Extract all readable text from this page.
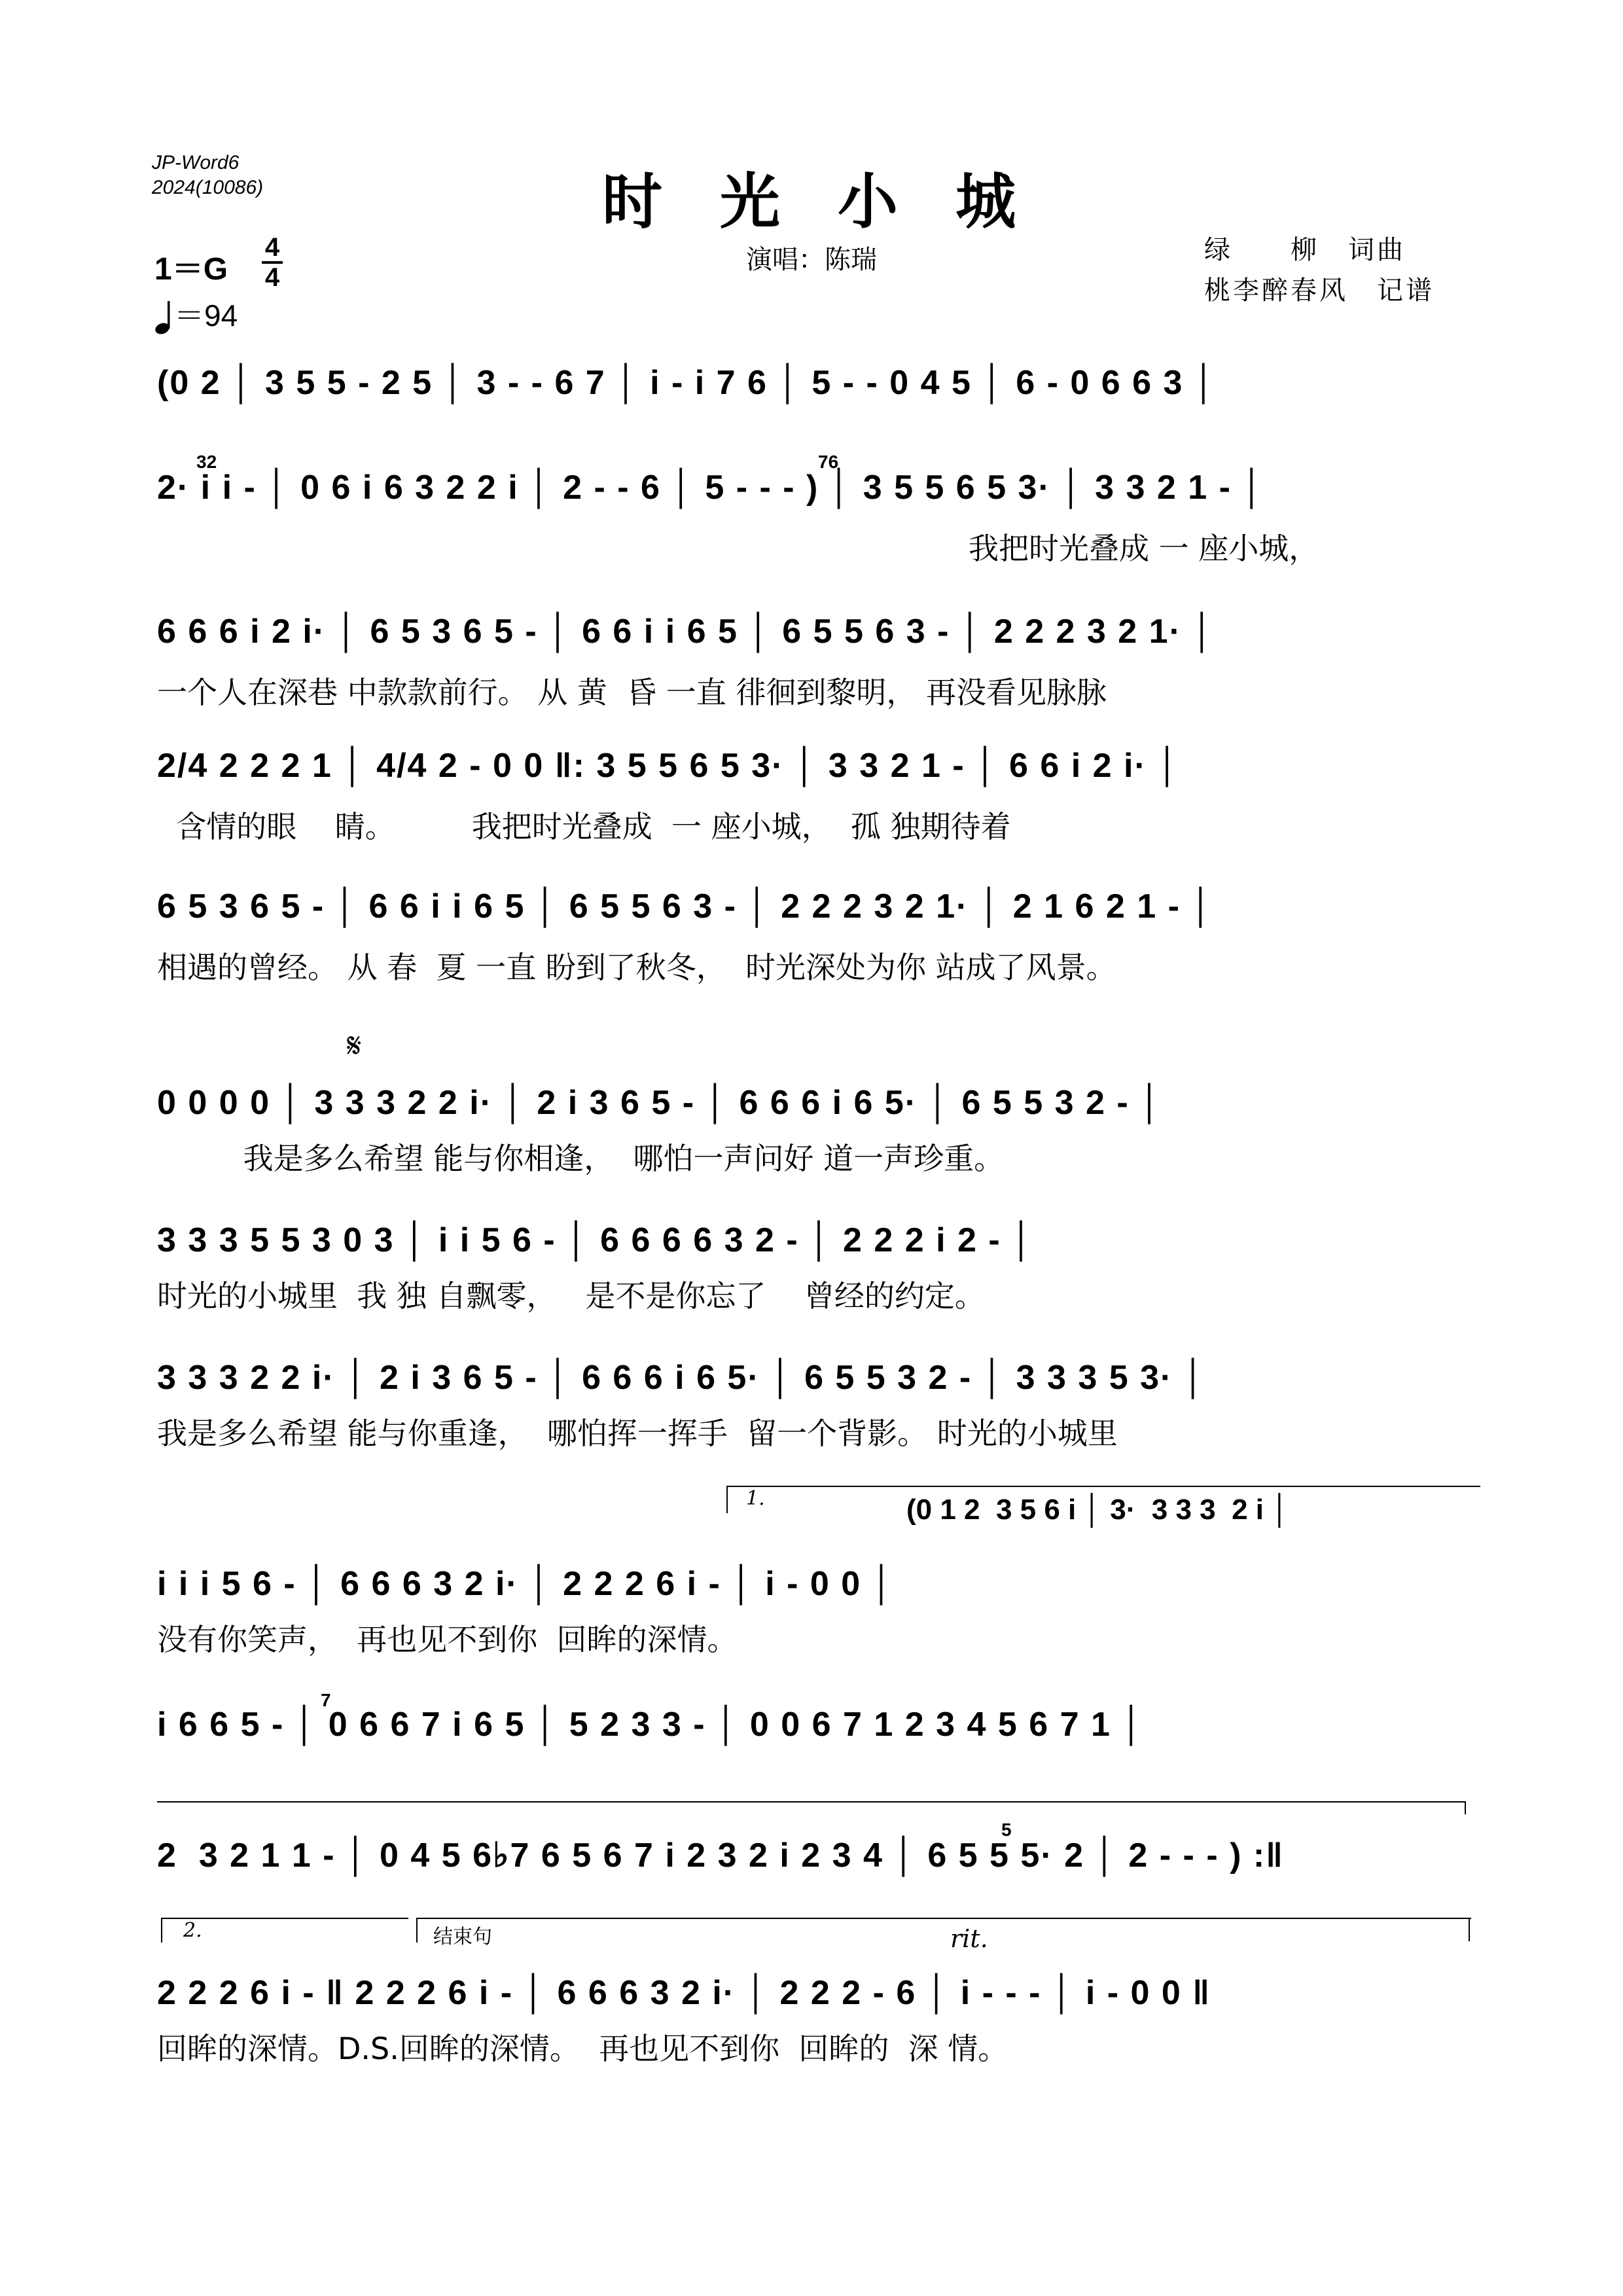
JP-Word6
2024(10086)	时 光 小 城
演唱：陈瑞	绿　　柳　词曲
桃李醉春风　记谱
1＝G
4
4
＝94
(0 2 │ 3 5 5 - 2 5 │ 3 - - 6 7 │ i - i 7 6 │ 5 - - 0 4 5 │ 6 - 0 6 6 3 │
2· i i - │ 0 6 i 6 3 2 2 i │ 2 - - 6 │ 5 - - - ) │ 3 5 5 6 5 3· │ 3 3 2 1 - │
我把时光叠成 一 座小城，
32	76
6 6 6 i 2 i· │ 6 5 3 6 5 - │ 6 6 i i 6 5 │ 6 5 5 6 3 - │ 2 2 2 3 2 1· │
一个人在深巷 中款款前行。 从 黄  昏 一直 徘徊到黎明， 再没看见脉脉
2/4 2 2 2 1 │ 4/4 2 - 0 0 ‖: 3 5 5 6 5 3· │ 3 3 2 1 - │ 6 6 i 2 i· │
含情的眼    睛。        我把时光叠成  一 座小城，  孤 独期待着
6 5 3 6 5 - │ 6 6 i i 6 5 │ 6 5 5 6 3 - │ 2 2 2 3 2 1· │ 2 1 6 2 1 - │
相遇的曾经。 从 春  夏 一直 盼到了秋冬，  时光深处为你 站成了风景。
𝄋
0 0 0 0 │ 3 3 3 2 2 i· │ 2 i 3 6 5 - │ 6 6 6 i 6 5· │ 6 5 5 3 2 - │
我是多么希望 能与你相逢，  哪怕一声问好 道一声珍重。
3 3 3 5 5 3 0 3 │ i i 5 6 - │ 6 6 6 6 3 2 - │ 2 2 2 i 2 - │
时光的小城里  我 独 自飘零，   是不是你忘了    曾经的约定。
3 3 3 2 2 i· │ 2 i 3 6 5 - │ 6 6 6 i 6 5· │ 6 5 5 3 2 - │ 3 3 3 5 3· │
我是多么希望 能与你重逢，  哪怕挥一挥手  留一个背影。 时光的小城里
1.	(0 1 2  3 5 6 i │ 3·  3 3 3  2 i │
i i i 5 6 - │ 6 6 6 3 2 i· │ 2 2 2 6 i - │ i - 0 0 │
没有你笑声，  再也见不到你  回眸的深情。
i 6 6 5 - │ 0 6 6 7 i 6 5 │ 5 2 3 3 - │ 0 0 6 7 1 2 3 4 5 6 7 1 │
7
2  3 2 1 1 - │ 0 4 5 6♭7 6 5 6 7 i 2 3 2 i 2 3 4 │ 6 5 5 5· 2 │ 2 - - - ) :‖
5
2.	结束句	rit.
2 2 2 6 i - ‖ 2 2 2 6 i - │ 6 6 6 3 2 i· │ 2 2 2 - 6 │ i - - - │ i - 0 0 ‖
回眸的深情。D.S.回眸的深情。  再也见不到你  回眸的  深 情。
